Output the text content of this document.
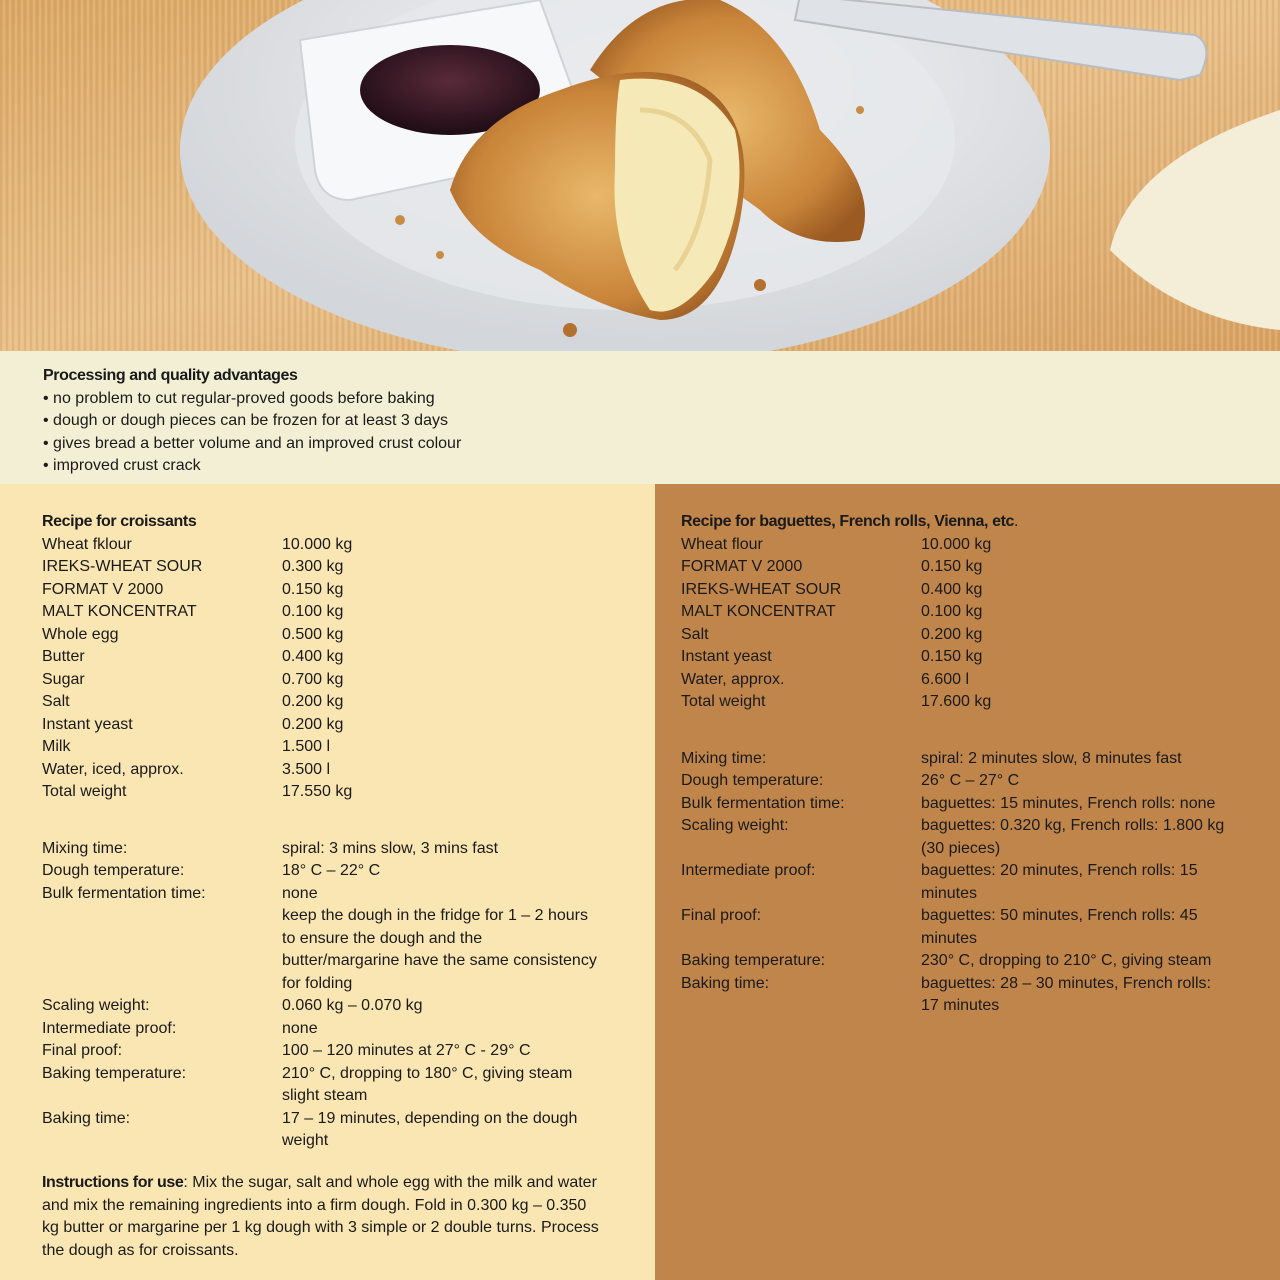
Processing and quality advantages
• no problem to cut regular-proved goods before baking
• dough or dough pieces can be frozen for at least 3 days
• gives bread a better volume and an improved crust colour
• improved crust crack
Recipe for croissants
Wheat fklour	10.000 kg
IREKS-WHEAT SOUR	0.300 kg
FORMAT V 2000	0.150 kg
MALT KONCENTRAT	0.100 kg
Whole egg	0.500 kg
Butter	0.400 kg
Sugar	0.700 kg
Salt	0.200 kg
Instant yeast	0.200 kg
Milk	1.500 l
Water, iced, approx.	3.500 l
Total weight	17.550 kg
Mixing time:	spiral: 3 mins slow, 3 mins fast
Dough temperature:	18° C – 22° C
Bulk fermentation time:	none
keep the dough in the fridge for 1 – 2 hours to ensure the dough and the butter/margarine have the same consistency for folding
Scaling weight:	0.060 kg – 0.070 kg
Intermediate proof:	none
Final proof:	100 – 120 minutes at 27° C - 29° C
Baking temperature:	210° C, dropping to 180° C, giving steam slight steam
Baking time:	17 – 19 minutes, depending on the dough weight
Instructions for use: Mix the sugar, salt and whole egg with the milk and water and mix the remaining ingredients into a firm dough. Fold in 0.300 kg – 0.350 kg butter or margarine per 1 kg dough with 3 simple or 2 double turns. Process the dough as for croissants.
Recipe for baguettes, French rolls, Vienna, etc.
Wheat flour	10.000 kg
FORMAT V 2000	0.150 kg
IREKS-WHEAT SOUR	0.400 kg
MALT KONCENTRAT	0.100 kg
Salt	0.200 kg
Instant yeast	0.150 kg
Water, approx.	6.600 l
Total weight	17.600 kg
Mixing time:	spiral: 2 minutes slow, 8 minutes fast
Dough temperature:	26° C – 27° C
Bulk fermentation time:	baguettes: 15 minutes, French rolls: none
Scaling weight:	baguettes: 0.320 kg, French rolls: 1.800 kg (30 pieces)
Intermediate proof:	baguettes: 20 minutes, French rolls: 15 minutes
Final proof:	baguettes: 50 minutes, French rolls: 45 minutes
Baking temperature:	230° C, dropping to 210° C, giving steam
Baking time:	baguettes: 28 – 30 minutes, French rolls: 17 minutes
